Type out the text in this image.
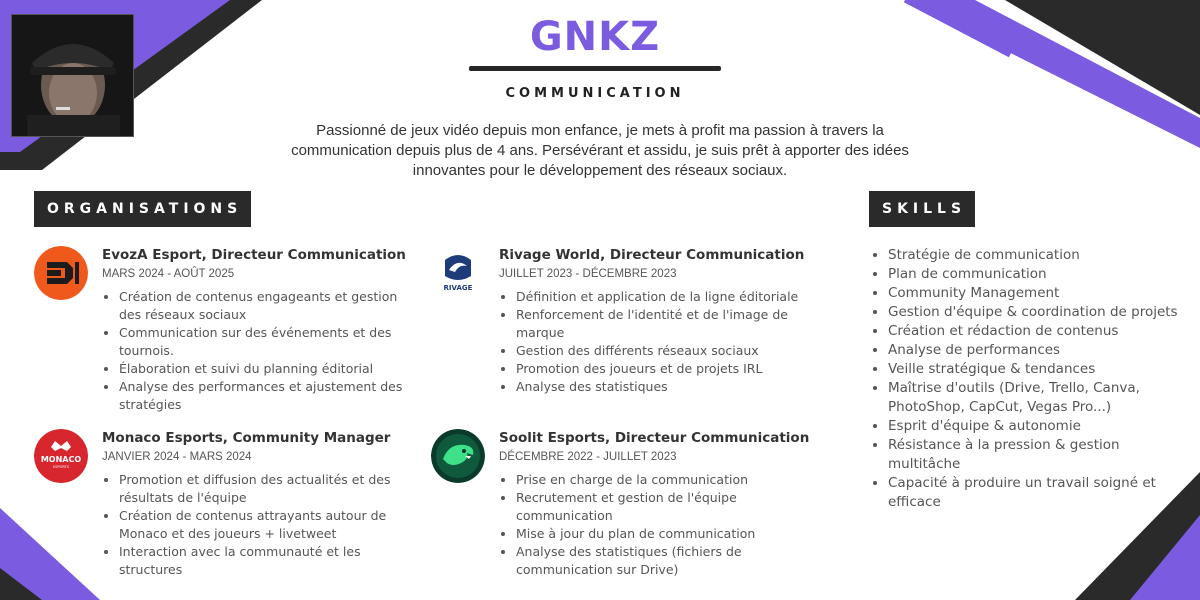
GNKZ
COMMUNICATION

Passionné de jeux vidéo depuis mon enfance, je mets à profit ma passion à travers la communication depuis plus de 4 ans. Persévérant et assidu, je suis prêt à apporter des idées innovantes pour le développement des réseaux sociaux.

ORGANISATIONS	SKILLS
EvozA Esport, Directeur Communication
MARS 2024 - AOÛT 2025
• Création de contenus engageants et gestion des réseaux sociaux
• Communication sur des événements et des tournois.
• Élaboration et suivi du planning éditorial
• Analyse des performances et ajustement des stratégies
RIVAGE
Rivage World, Directeur Communication
JUILLET 2023 - DÉCEMBRE 2023
• Définition et application de la ligne éditoriale
• Renforcement de l'identité et de l'image de marque
• Gestion des différents réseaux sociaux
• Promotion des joueurs et de projets IRL
• Analyse des statistiques
MONACO
ESPORTS
Monaco Esports, Community Manager
JANVIER 2024 - MARS 2024
• Promotion et diffusion des actualités et des résultats de l'équipe
• Création de contenus attrayants autour de Monaco et des joueurs + livetweet
• Interaction avec la communauté et les structures
Soolit Esports, Directeur Communication
DÉCEMBRE 2022 - JUILLET 2023
• Prise en charge de la communication
• Recrutement et gestion de l'équipe communication
• Mise à jour du plan de communication
• Analyse des statistiques (fichiers de communication sur Drive)
• Stratégie de communication
• Plan de communication
• Community Management
• Gestion d'équipe & coordination de projets
• Création et rédaction de contenus
• Analyse de performances
• Veille stratégique & tendances
• Maîtrise d'outils (Drive, Trello, Canva, PhotoShop, CapCut, Vegas Pro...)
• Esprit d'équipe & autonomie
• Résistance à la pression & gestion multitâche
• Capacité à produire un travail soigné et efficace
